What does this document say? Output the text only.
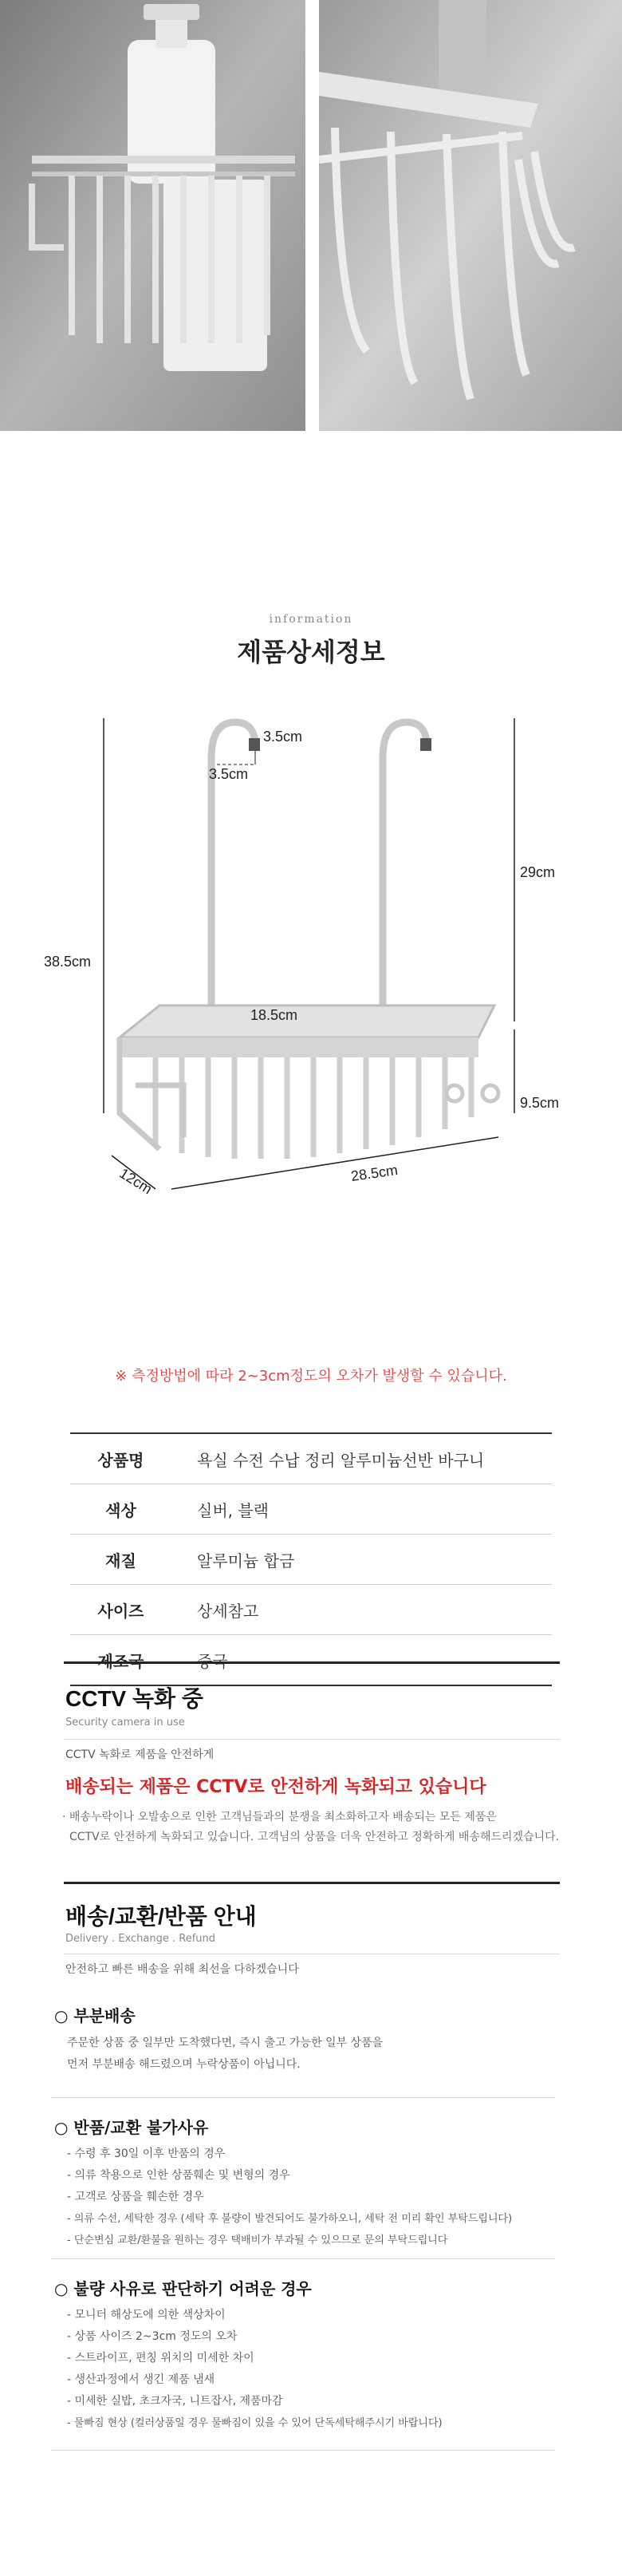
information
제품상세정보
3.5cm
3.5cm
29cm
38.5cm
18.5cm
9.5cm
12cm	28.5cm
※ 측정방법에 따라 2~3cm정도의 오차가 발생할 수 있습니다.
상품명	욕실 수전 수납 정리 알루미늄선반 바구니
색상	실버, 블랙
재질	알루미늄 합금
사이즈	상세참고
제조국	중국
CCTV 녹화 중
Security camera in use
CCTV 녹화로 제품을 안전하게
배송되는 제품은 CCTV로 안전하게 녹화되고 있습니다
· 배송누락이나 오발송으로 인한 고객님들과의 분쟁을 최소화하고자 배송되는 모든 제품은
CCTV로 안전하게 녹화되고 있습니다. 고객님의 상품을 더욱 안전하고 정확하게 배송해드리겠습니다.
배송/교환/반품 안내
Delivery . Exchange . Refund
안전하고 빠른 배송을 위해 최선을 다하겠습니다
○ 부분배송
주문한 상품 중 일부만 도착했다면, 즉시 출고 가능한 일부 상품을
먼저 부분배송 해드렸으며 누락상품이 아닙니다.
○ 반품/교환 불가사유
- 수령 후 30일 이후 반품의 경우
- 의류 착용으로 인한 상품훼손 및 변형의 경우
- 고객로 상품을 훼손한 경우
- 의류 수선, 세탁한 경우 (세탁 후 불량이 발견되어도 불가하오니, 세탁 전 미리 확인 부탁드립니다)
- 단순변심 교환/환불을 원하는 경우 택배비가 부과될 수 있으므로 문의 부탁드립니다
○ 불량 사유로 판단하기 어려운 경우
- 모니터 해상도에 의한 색상차이
- 상품 사이즈 2~3cm 정도의 오차
- 스트라이프, 편칭 위치의 미세한 차이
- 생산과정에서 생긴 제품 냄새
- 미세한 실밥, 초크자국, 니트잡사, 제품마감
- 물빠짐 현상 (컬러상품일 경우 물빠짐이 있을 수 있어 단독세탁해주시기 바랍니다)
